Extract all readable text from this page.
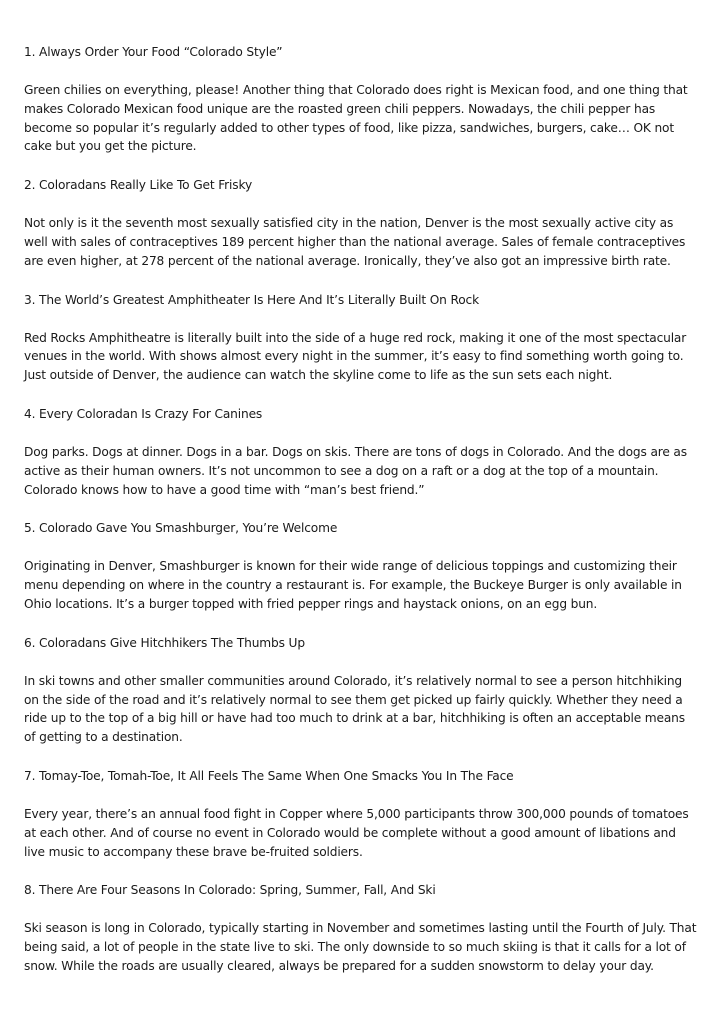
1. Always Order Your Food “Colorado Style”

Green chilies on everything, please! Another thing that Colorado does right is Mexican food, and one thing that makes Colorado Mexican food unique are the roasted green chili peppers. Nowadays, the chili pepper has become so popular it’s regularly added to other types of food, like pizza, sandwiches, burgers, cake… OK not cake but you get the picture.

2. Coloradans Really Like To Get Frisky

Not only is it the seventh most sexually satisfied city in the nation, Denver is the most sexually active city as well with sales of contraceptives 189 percent higher than the national average. Sales of female contraceptives are even higher, at 278 percent of the national average. Ironically, they’ve also got an impressive birth rate.

3. The World’s Greatest Amphitheater Is Here And It’s Literally Built On Rock

Red Rocks Amphitheatre is literally built into the side of a huge red rock, making it one of the most spectacular venues in the world. With shows almost every night in the summer, it’s easy to find something worth going to. Just outside of Denver, the audience can watch the skyline come to life as the sun sets each night.

4. Every Coloradan Is Crazy For Canines

Dog parks. Dogs at dinner. Dogs in a bar. Dogs on skis. There are tons of dogs in Colorado. And the dogs are as active as their human owners. It’s not uncommon to see a dog on a raft or a dog at the top of a mountain. Colorado knows how to have a good time with “man’s best friend.”

5. Colorado Gave You Smashburger, You’re Welcome

Originating in Denver, Smashburger is known for their wide range of delicious toppings and customizing their menu depending on where in the country a restaurant is. For example, the Buckeye Burger is only available in Ohio locations. It’s a burger topped with fried pepper rings and haystack onions, on an egg bun.

6. Coloradans Give Hitchhikers The Thumbs Up

In ski towns and other smaller communities around Colorado, it’s relatively normal to see a person hitchhiking on the side of the road and it’s relatively normal to see them get picked up fairly quickly. Whether they need a ride up to the top of a big hill or have had too much to drink at a bar, hitchhiking is often an acceptable means of getting to a destination.

7. Tomay-Toe, Tomah-Toe, It All Feels The Same When One Smacks You In The Face

Every year, there’s an annual food fight in Copper where 5,000 participants throw 300,000 pounds of tomatoes at each other. And of course no event in Colorado would be complete without a good amount of libations and live music to accompany these brave be-fruited soldiers.

8. There Are Four Seasons In Colorado: Spring, Summer, Fall, And Ski

Ski season is long in Colorado, typically starting in November and sometimes lasting until the Fourth of July. That being said, a lot of people in the state live to ski. The only downside to so much skiing is that it calls for a lot of snow. While the roads are usually cleared, always be prepared for a sudden snowstorm to delay your day.
